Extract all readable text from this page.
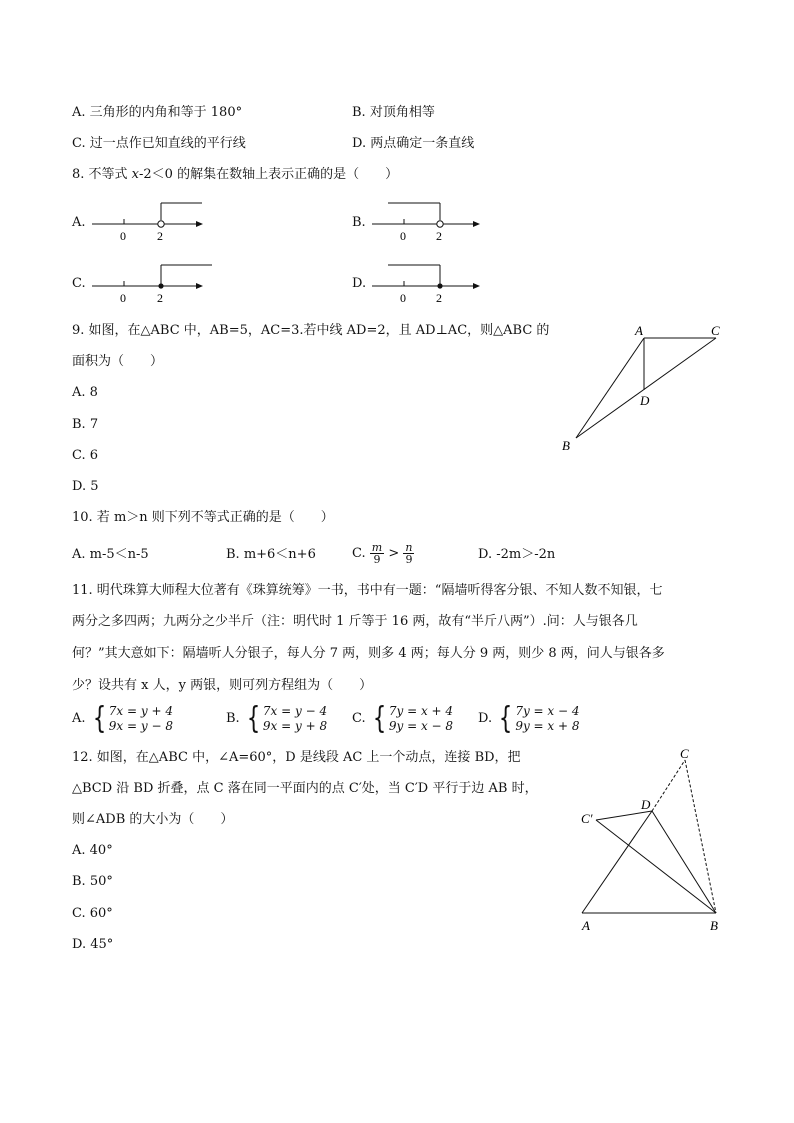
A. 三角形的内角和等于 180°	B. 对顶角相等
C. 过一点作已知直线的平行线	D. 两点确定一条直线
8. 不等式 x-2＜0 的解集在数轴上表示正确的是（　　）
A.
0	2
B.
0	2
C.
0	2
D.
0	2
9. 如图，在△ABC 中，AB=5，AC=3.若中线 AD=2，且 AD⊥AC，则△ABC 的
面积为（　　）
A. 8
B. 7
C. 6
D. 5
A	C
D
B
10. 若 m＞n 则下列不等式正确的是（　　）
A. m-5＜n-5	B. m+6＜n+6	C. $\frac{m}{9} > \frac{n}{9}$	D. -2m＞-2n
11. 明代珠算大师程大位著有《珠算统筹》一书，书中有一题：“隔墙听得客分银、不知人数不知银，七
两分之多四两；九两分之少半斤（注：明代时 1 斤等于 16 两，故有“半斤八两”）.问：人与银各几
何？”其大意如下：隔墙听人分银子，每人分 7 两，则多 4 两；每人分 9 两，则少 8 两，问人与银各多
少？设共有 x 人，y 两银，则可列方程组为（　　）
A. { 7x = y + 4
9x = y − 8	B. { 7x = y − 4
9x = y + 8 C. { 7y = x + 4
9y = x − 8 D. { 7y = x − 4
9y = x + 8
12. 如图，在△ABC 中，∠A=60°，D 是线段 AC 上一个动点，连接 BD，把
△BCD 沿 BD 折叠，点 C 落在同一平面内的点 C′处，当 C′D 平行于边 AB 时，
则∠ADB 的大小为（　　）
A. 40°
B. 50°
C. 60°
D. 45°
C
D
C′
A	B
